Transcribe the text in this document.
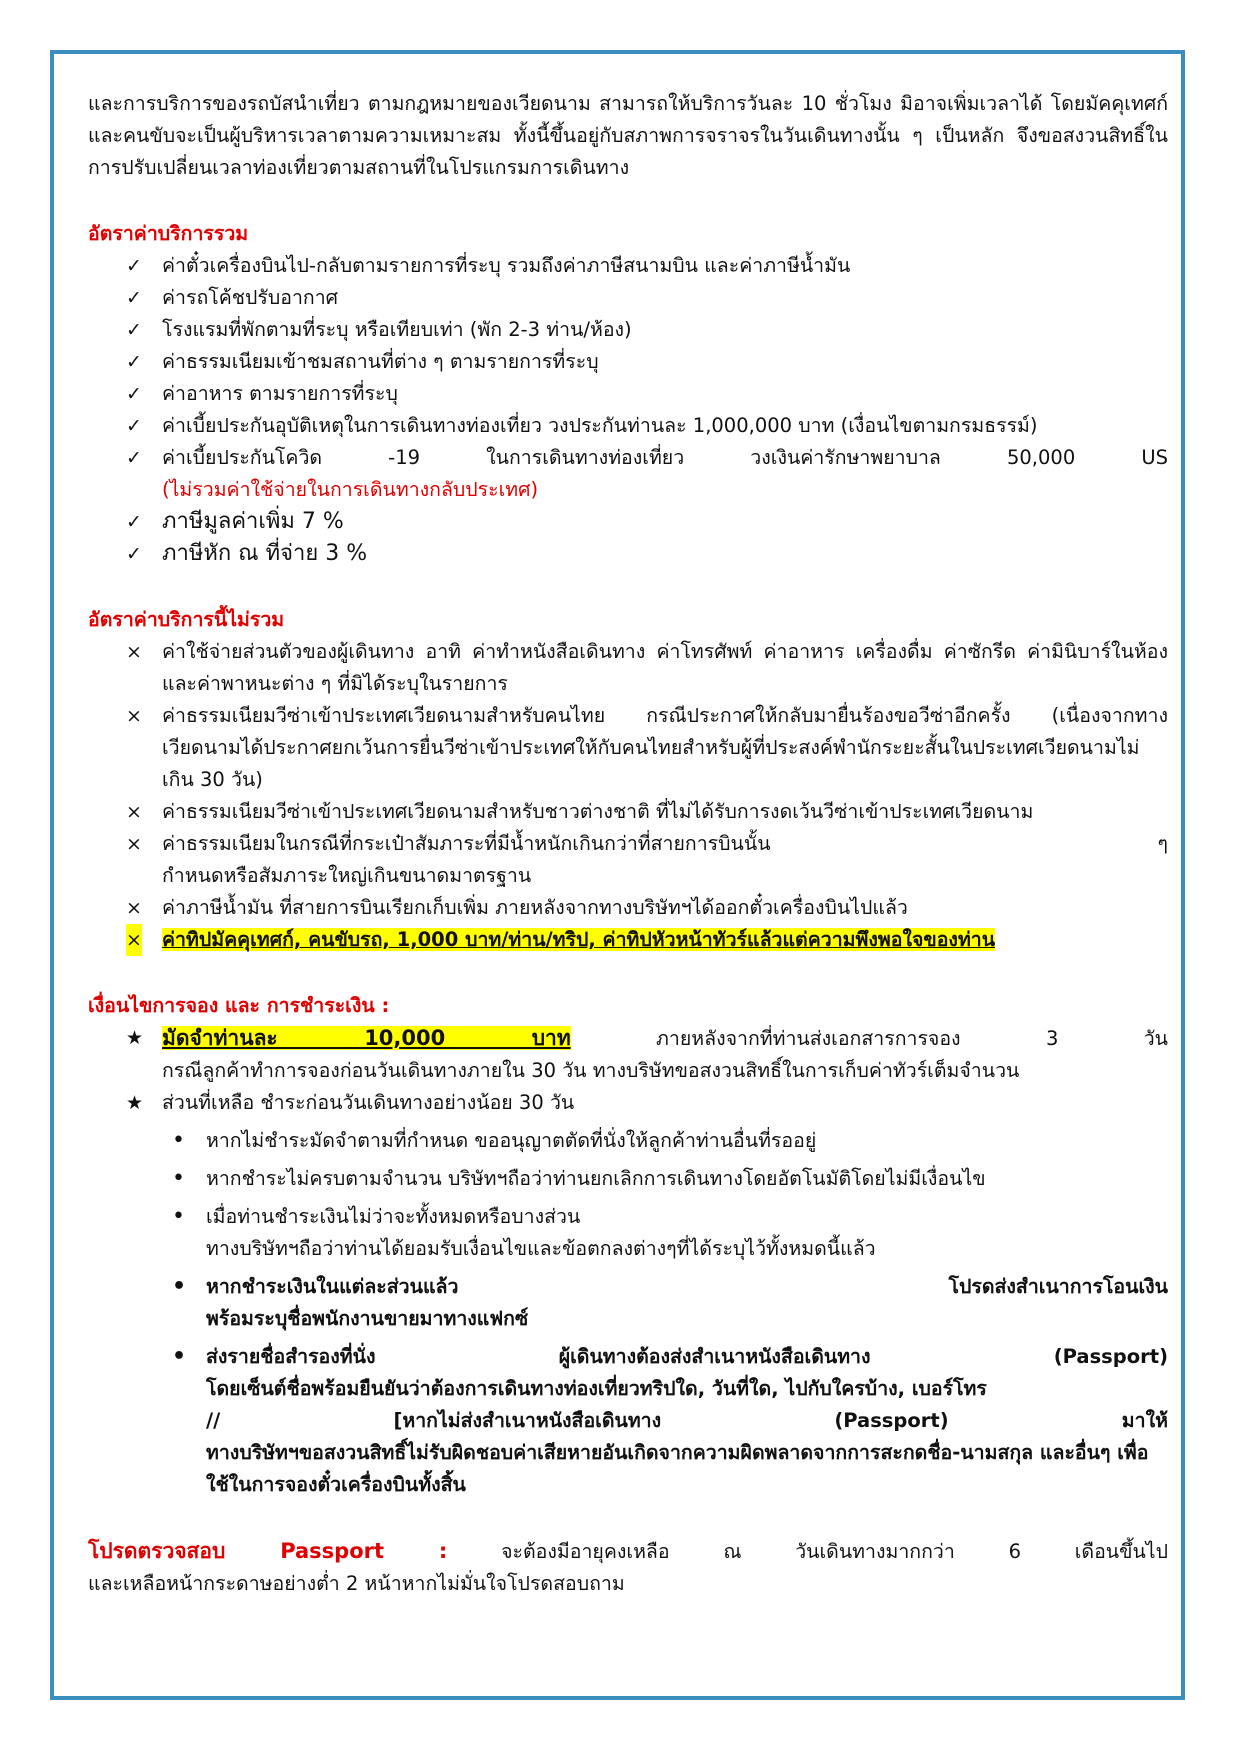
และการบริการของรถบัสนำเที่ยว ตามกฎหมายของเวียดนาม สามารถให้บริการวันละ 10 ชั่วโมง มิอาจเพิ่มเวลาได้ โดยมัคคุเทศก์และคนขับจะเป็นผู้บริหารเวลาตามความเหมาะสม ทั้งนี้ขึ้นอยู่กับสภาพการจราจรในวันเดินทางนั้น ๆ เป็นหลัก จึงขอสงวนสิทธิ์ในการปรับเปลี่ยนเวลาท่องเที่ยวตามสถานที่ในโปรแกรมการเดินทาง

อัตราค่าบริการรวม

✓ ค่าตั๋วเครื่องบินไป-กลับตามรายการที่ระบุ รวมถึงค่าภาษีสนามบิน และค่าภาษีน้ำมัน
✓ ค่ารถโค้ชปรับอากาศ
✓ โรงแรมที่พักตามที่ระบุ หรือเทียบเท่า (พัก 2-3 ท่าน/ห้อง)
✓ ค่าธรรมเนียมเข้าชมสถานที่ต่าง ๆ ตามรายการที่ระบุ
✓ ค่าอาหาร ตามรายการที่ระบุ
✓ ค่าเบี้ยประกันอุบัติเหตุในการเดินทางท่องเที่ยว วงประกันท่านละ 1,000,000 บาท (เงื่อนไขตามกรมธรรม์)
✓ ค่าเบี้ยประกันโควิด -19 ในการเดินทางท่องเที่ยว วงเงินค่ารักษาพยาบาล 50,000 US

(ไม่รวมค่าใช้จ่ายในการเดินทางกลับประเทศ)

✓ ภาษีมูลค่าเพิ่ม 7 %
✓ ภาษีหัก ณ ที่จ่าย 3 %

อัตราค่าบริการนี้ไม่รวม

× ค่าใช้จ่ายส่วนตัวของผู้เดินทาง อาทิ ค่าทำหนังสือเดินทาง ค่าโทรศัพท์ ค่าอาหาร เครื่องดื่ม ค่าซักรีด ค่ามินิบาร์ในห้องและค่าพาหนะต่าง ๆ ที่มิได้ระบุในรายการ
× ค่าธรรมเนียมวีซ่าเข้าประเทศเวียดนามสำหรับคนไทย กรณีประกาศให้กลับมายื่นร้องขอวีซ่าอีกครั้ง (เนื่องจากทางเวียดนามได้ประกาศยกเว้นการยื่นวีซ่าเข้าประเทศให้กับคนไทยสำหรับผู้ที่ประสงค์พำนักระยะสั้นในประเทศเวียดนามไม่เกิน 30 วัน)
× ค่าธรรมเนียมวีซ่าเข้าประเทศเวียดนามสำหรับชาวต่างชาติ ที่ไม่ได้รับการงดเว้นวีซ่าเข้าประเทศเวียดนาม
× ค่าธรรมเนียมในกรณีที่กระเป๋าสัมภาระที่มีน้ำหนักเกินกว่าที่สายการบินนั้น ๆ

กำหนดหรือสัมภาระใหญ่เกินขนาดมาตรฐาน

× ค่าภาษีน้ำมัน ที่สายการบินเรียกเก็บเพิ่ม ภายหลังจากทางบริษัทฯได้ออกตั๋วเครื่องบินไปแล้ว
× ค่าทิปมัคคุเทศก์, คนขับรถ, 1,000 บาท/ท่าน/ทริป, ค่าทิปหัวหน้าทัวร์แล้วแต่ความพึงพอใจของท่าน

เงื่อนไขการจอง และ การชำระเงิน :

★ มัดจำท่านละ 10,000 บาท ภายหลังจากที่ท่านส่งเอกสารการจอง 3 วัน

กรณีลูกค้าทำการจองก่อนวันเดินทางภายใน 30 วัน ทางบริษัทขอสงวนสิทธิ์ในการเก็บค่าทัวร์เต็มจำนวน

★ ส่วนที่เหลือ ชำระก่อนวันเดินทางอย่างน้อย 30 วัน
• หากไม่ชำระมัดจำตามที่กำหนด ขออนุญาตตัดที่นั่งให้ลูกค้าท่านอื่นที่รออยู่
• หากชำระไม่ครบตามจำนวน บริษัทฯถือว่าท่านยกเลิกการเดินทางโดยอัตโนมัติโดยไม่มีเงื่อนไข
• เมื่อท่านชำระเงินไม่ว่าจะทั้งหมดหรือบางส่วน

ทางบริษัทฯถือว่าท่านได้ยอมรับเงื่อนไขและข้อตกลงต่างๆที่ได้ระบุไว้ทั้งหมดนี้แล้ว

• หากชำระเงินในแต่ละส่วนแล้ว โปรดส่งสำเนาการโอนเงิน

พร้อมระบุชื่อพนักงานขายมาทางแฟกซ์

• ส่งรายชื่อสำรองที่นั่ง ผู้เดินทางต้องส่งสำเนาหนังสือเดินทาง (Passport)

โดยเซ็นต์ชื่อพร้อมยืนยันว่าต้องการเดินทางท่องเที่ยวทริปใด, วันที่ใด, ไปกับใครบ้าง, เบอร์โทร

// [หากไม่ส่งสำเนาหนังสือเดินทาง (Passport) มาให้

ทางบริษัทฯขอสงวนสิทธิ์ไม่รับผิดชอบค่าเสียหายอันเกิดจากความผิดพลาดจากการสะกดชื่อ-นามสกุล และอื่นๆ เพื่อใช้ในการจองตั๋วเครื่องบินทั้งสิ้น

โปรดตรวจสอบ Passport : จะต้องมีอายุคงเหลือ ณ วันเดินทางมากกว่า 6 เดือนขึ้นไป

และเหลือหน้ากระดาษอย่างต่ำ 2 หน้าหากไม่มั่นใจโปรดสอบถาม
